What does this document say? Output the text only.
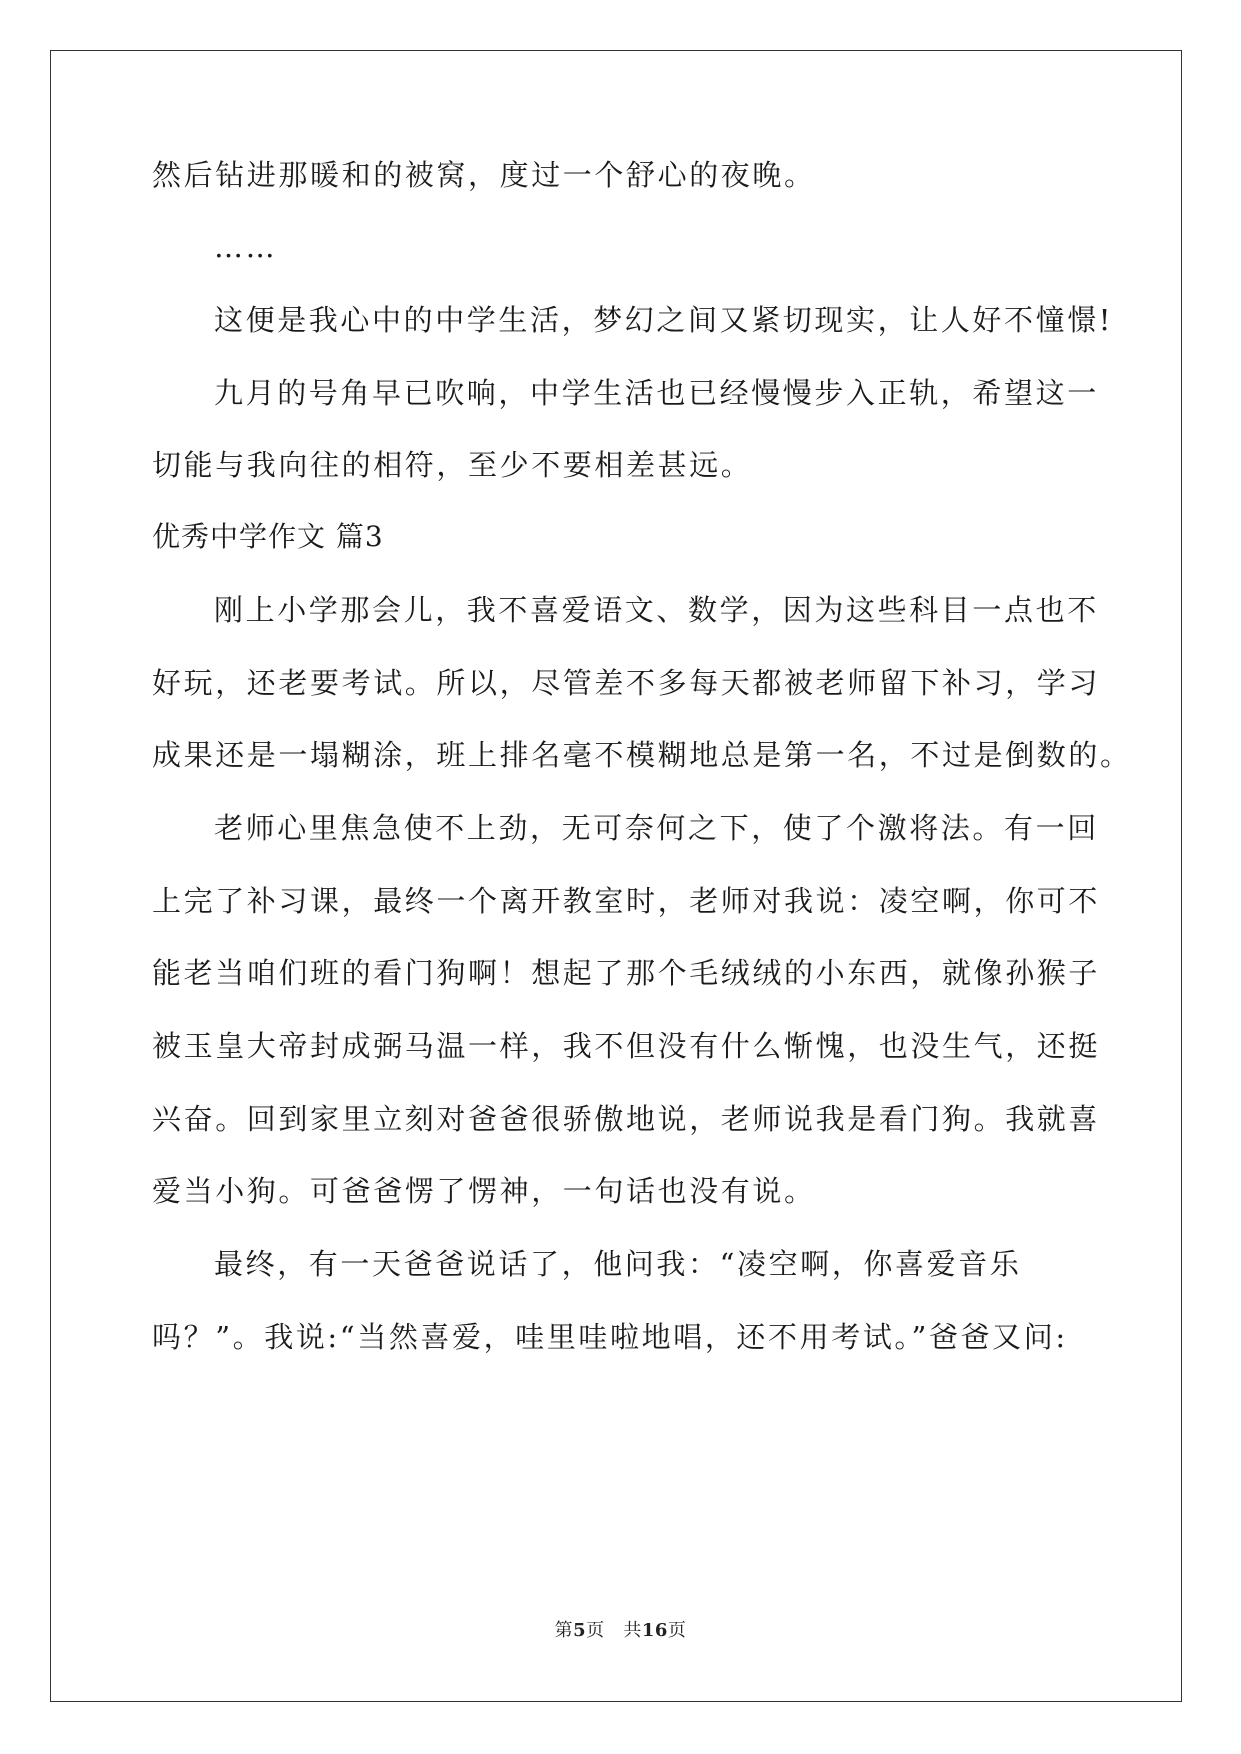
然后钻进那暖和的被窝，度过一个舒心的夜晚。
……
这便是我心中的中学生活，梦幻之间又紧切现实，让人好不憧憬!
九月的号角早已吹响，中学生活也已经慢慢步入正轨，希望这一
切能与我向往的相符，至少不要相差甚远。
优秀中学作文 篇3
刚上小学那会儿，我不喜爱语文、数学，因为这些科目一点也不
好玩，还老要考试。所以，尽管差不多每天都被老师留下补习，学习
成果还是一塌糊涂，班上排名毫不模糊地总是第一名，不过是倒数的。
老师心里焦急使不上劲，无可奈何之下，使了个激将法。有一回
上完了补习课，最终一个离开教室时，老师对我说：凌空啊，你可不
能老当咱们班的看门狗啊！想起了那个毛绒绒的小东西，就像孙猴子
被玉皇大帝封成弼马温一样，我不但没有什么惭愧，也没生气，还挺
兴奋。回到家里立刻对爸爸很骄傲地说，老师说我是看门狗。我就喜
爱当小狗。可爸爸愣了愣神，一句话也没有说。
最终，有一天爸爸说话了，他问我：“凌空啊，你喜爱音乐
吗？”。我说:“当然喜爱，哇里哇啦地唱，还不用考试。”爸爸又问:
第5页 共16页
